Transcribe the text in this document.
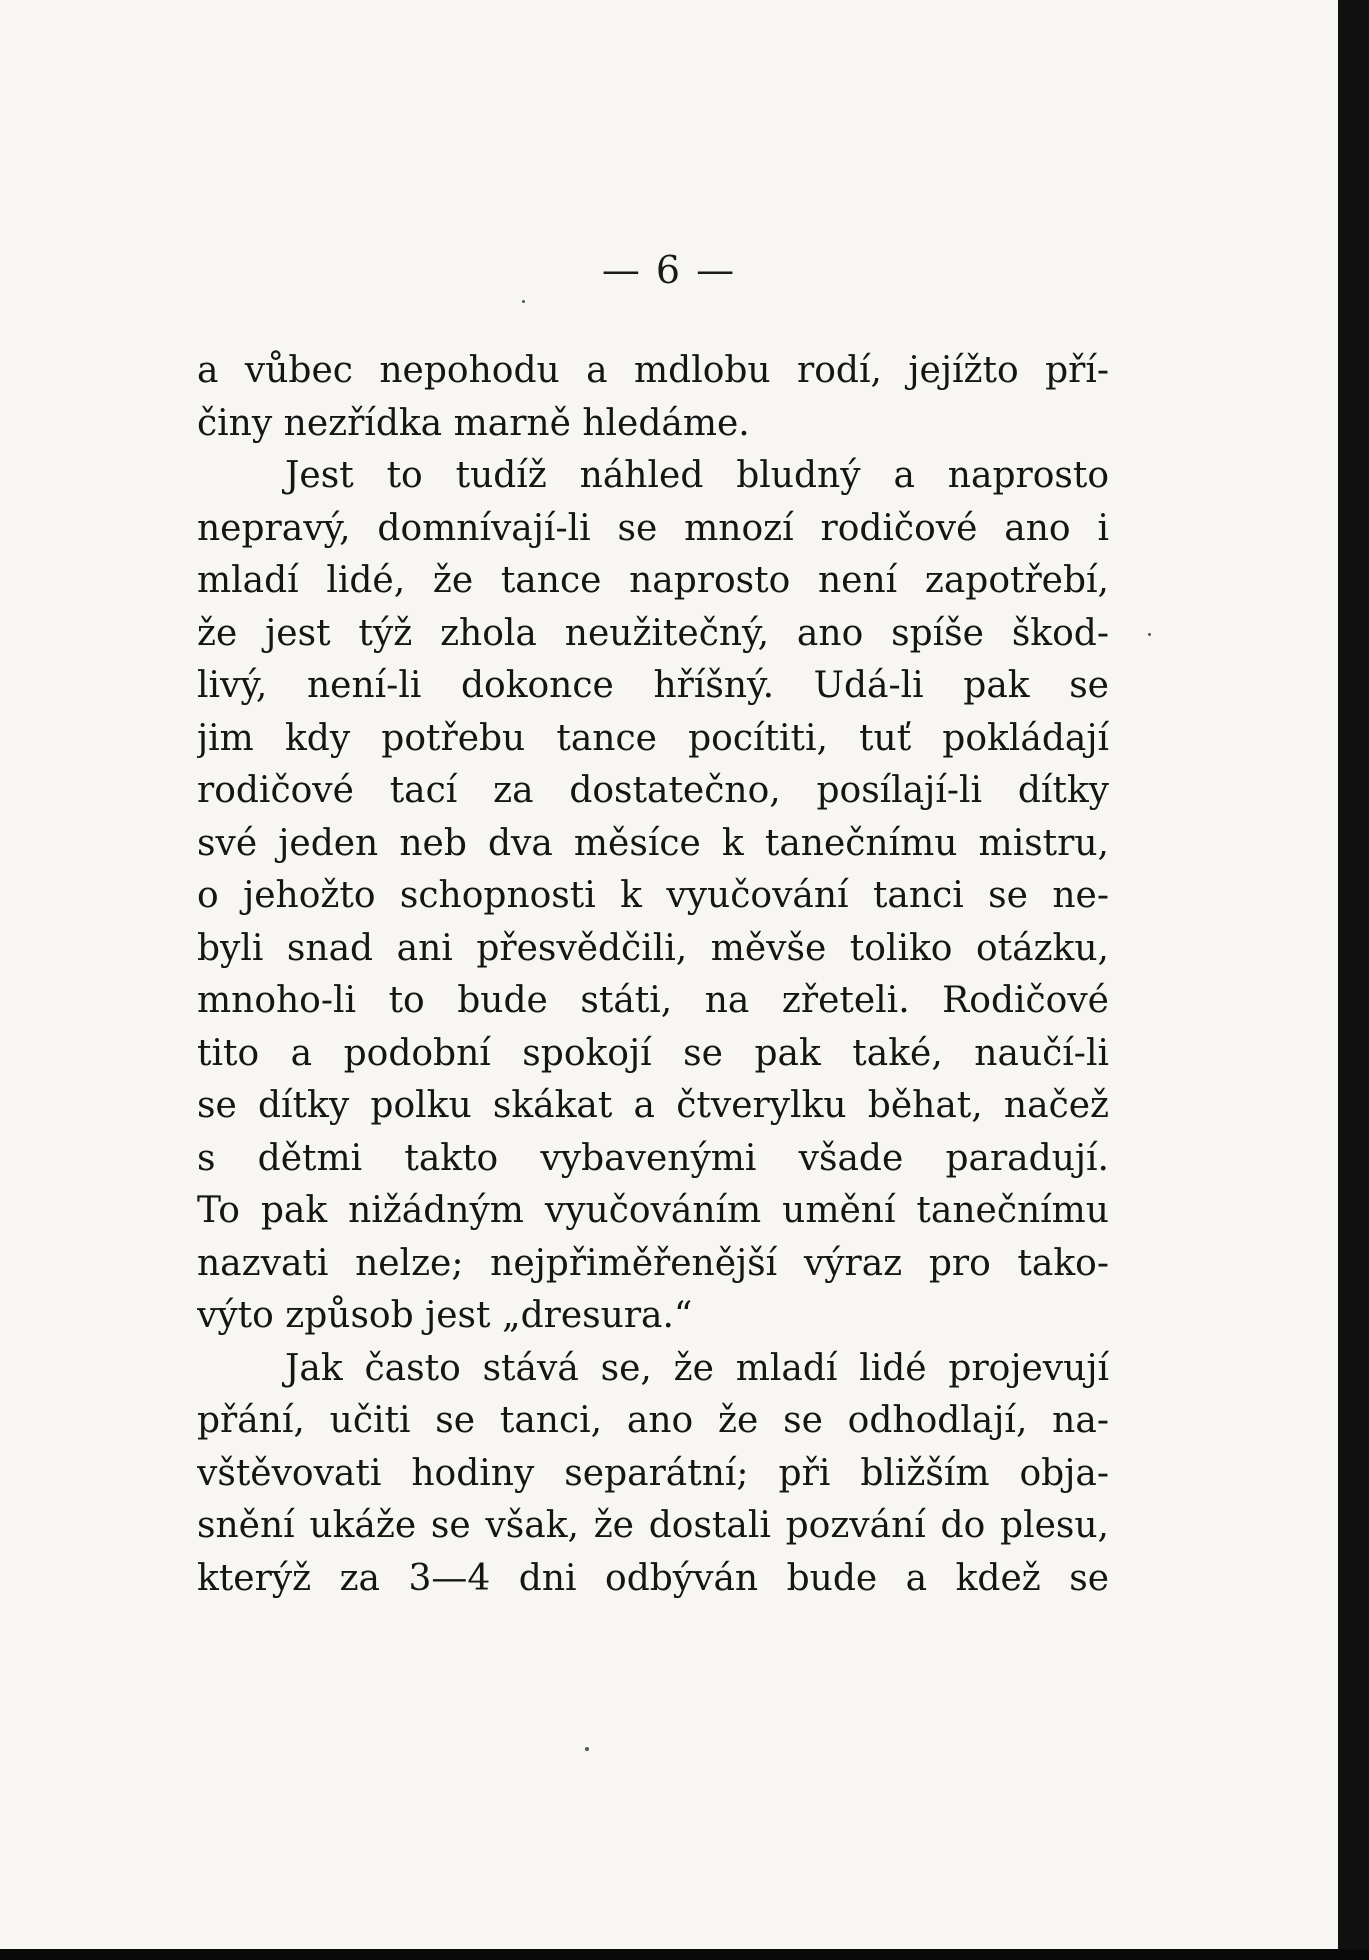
— 6 —
a vůbec nepohodu a mdlobu rodí, jejížto pří-
činy nezřídka marně hledáme.
Jest to tudíž náhled bludný a naprosto
nepravý, domnívají-li se mnozí rodičové ano i
mladí lidé, že tance naprosto není zapotřebí,
že jest týž zhola neužitečný, ano spíše škod-
livý, není-li dokonce hříšný. Udá-li pak se
jim kdy potřebu tance pocítiti, tuť pokládají
rodičové tací za dostatečno, posílají-li dítky
své jeden neb dva měsíce k tanečnímu mistru,
o jehožto schopnosti k vyučování tanci se ne-
byli snad ani přesvědčili, měvše toliko otázku,
mnoho-li to bude státi, na zřeteli. Rodičové
tito a podobní spokojí se pak také, naučí-li
se dítky polku skákat a čtverylku běhat, načež
s dětmi takto vybavenými všade paradují.
To pak nižádným vyučováním umění tanečnímu
nazvati nelze; nejpřiměřenější výraz pro tako-
výto způsob jest „dresura.“
Jak často stává se, že mladí lidé projevují
přání, učiti se tanci, ano že se odhodlají, na-
vštěvovati hodiny separátní; při bližším obja-
snění ukáže se však, že dostali pozvání do plesu,
kterýž za 3—4 dni odbýván bude a kdež se
